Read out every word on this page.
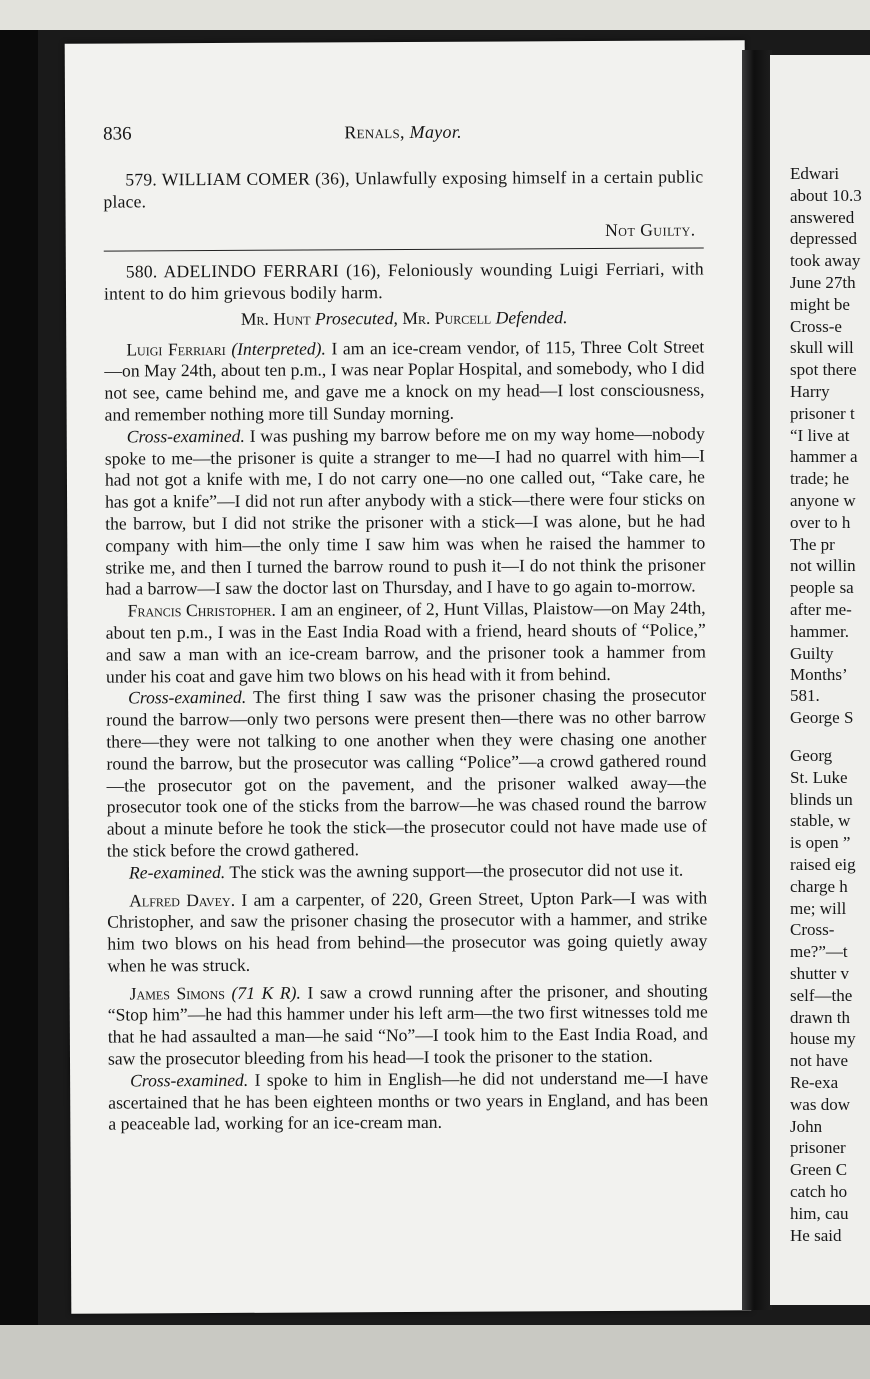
836	Renals, Mayor.

579. WILLIAM COMER (36), Unlawfully exposing himself in a certain public place.

Not Guilty.

580. ADELINDO FERRARI (16), Feloniously wounding Luigi Ferriari, with intent to do him grievous bodily harm.

Mr. Hunt Prosecuted, Mr. Purcell Defended.

Luigi Ferriari (Interpreted). I am an ice-cream vendor, of 115, Three Colt Street—on May 24th, about ten p.m., I was near Poplar Hospital, and somebody, who I did not see, came behind me, and gave me a knock on my head—I lost consciousness, and remember nothing more till Sunday morning.

Cross-examined. I was pushing my barrow before me on my way home—nobody spoke to me—the prisoner is quite a stranger to me—I had no quarrel with him—I had not got a knife with me, I do not carry one—no one called out, “Take care, he has got a knife”—I did not run after anybody with a stick—there were four sticks on the barrow, but I did not strike the prisoner with a stick—I was alone, but he had company with him—the only time I saw him was when he raised the hammer to strike me, and then I turned the barrow round to push it—I do not think the prisoner had a barrow—I saw the doctor last on Thursday, and I have to go again to-morrow.

Francis Christopher. I am an engineer, of 2, Hunt Villas, Plaistow—on May 24th, about ten p.m., I was in the East India Road with a friend, heard shouts of “Police,” and saw a man with an ice-cream barrow, and the prisoner took a hammer from under his coat and gave him two blows on his head with it from behind.

Cross-examined. The first thing I saw was the prisoner chasing the prosecutor round the barrow—only two persons were present then—there was no other barrow there—they were not talking to one another when they were chasing one another round the barrow, but the prosecutor was calling “Police”—a crowd gathered round—the prosecutor got on the pavement, and the prisoner walked away—the prosecutor took one of the sticks from the barrow—he was chased round the barrow about a minute before he took the stick—the prosecutor could not have made use of the stick before the crowd gathered.

Re-examined. The stick was the awning support—the prosecutor did not use it.

Alfred Davey. I am a carpenter, of 220, Green Street, Upton Park—I was with Christopher, and saw the prisoner chasing the prosecutor with a hammer, and strike him two blows on his head from behind—the prosecutor was going quietly away when he was struck.

James Simons (71 K R). I saw a crowd running after the prisoner, and shouting “Stop him”—he had this hammer under his left arm—the two first witnesses told me that he had assaulted a man—he said “No”—I took him to the East India Road, and saw the prosecutor bleeding from his head—I took the prisoner to the station.

Cross-examined. I spoke to him in English—he did not understand me—I have ascertained that he has been eighteen months or two years in England, and has been a peaceable lad, working for an ice-cream man.

Edwari
about 10.3
answered
depressed
took away
June 27th
might be
Cross-e
skull will
spot there
Harry
prisoner t
“I live at
hammer a
trade; he
anyone w
over to h
The pr
not willin
people sa
after me-
hammer.
Guilty
Months’
581.
George S
Georg
St. Luke
blinds un
stable, w
is open ”
raised eig
charge h
me; will
Cross-
me?”—t
shutter v
self—the
drawn th
house my
not have
Re-exa
was dow
John
prisoner
Green C
catch ho
him, cau
He said
